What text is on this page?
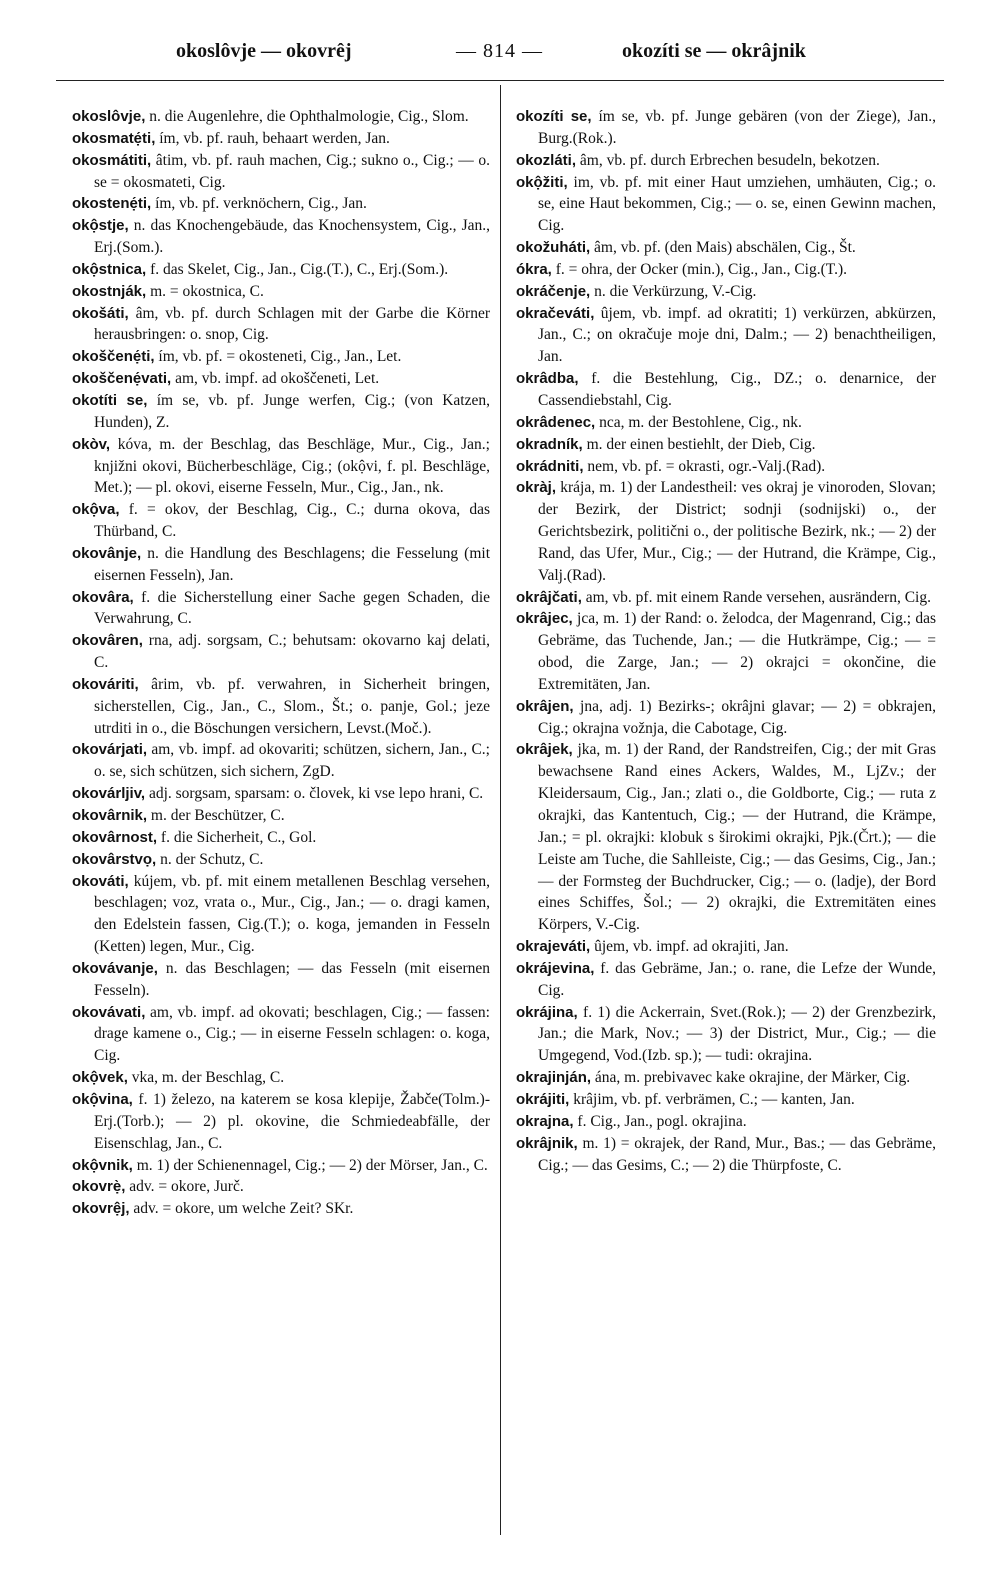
okoslôvje — okovrêj	— 814 —	okozíti se — okrâjnik

okoslôvje, n. die Augenlehre, die Ophthalmologie, Cig., Slom.

okosmatẹ́ti, ím, vb. pf. rauh, behaart werden, Jan.

okosmátiti, âtim, vb. pf. rauh machen, Cig.; sukno o., Cig.; — o. se = okosmateti, Cig.

okostenẹ́ti, ím, vb. pf. verknöchern, Cig., Jan.

okộstje, n. das Knochengebäude, das Knochensystem, Cig., Jan., Erj.(Som.).

okộstnica, f. das Skelet, Cig., Jan., Cig.(T.), C., Erj.(Som.).

okostnják, m. = okostnica, C.

okošáti, âm, vb. pf. durch Schlagen mit der Garbe die Körner herausbringen: o. snop, Cig.

okoščenẹ́ti, ím, vb. pf. = okosteneti, Cig., Jan., Let.

okoščenẹ́vati, am, vb. impf. ad okoščeneti, Let.

okotíti se, ím se, vb. pf. Junge werfen, Cig.; (von Katzen, Hunden), Z.

okòv, kóva, m. der Beschlag, das Beschläge, Mur., Cig., Jan.; knjižni okovi, Bücherbeschläge, Cig.; (okộvi, f. pl. Beschläge, Met.); — pl. okovi, eiserne Fesseln, Mur., Cig., Jan., nk.

okộva, f. = okov, der Beschlag, Cig., C.; durna okova, das Thürband, C.

okovânje, n. die Handlung des Beschlagens; die Fesselung (mit eisernen Fesseln), Jan.

okovâra, f. die Sicherstellung einer Sache gegen Schaden, die Verwahrung, C.

okovâren, rna, adj. sorgsam, C.; behutsam: okovarno kaj delati, C.

okováriti, ârim, vb. pf. verwahren, in Sicherheit bringen, sicherstellen, Cig., Jan., C., Slom., Št.; o. panje, Gol.; jeze utrditi in o., die Böschungen versichern, Levst.(Moč.).

okovárjati, am, vb. impf. ad okovariti; schützen, sichern, Jan., C.; o. se, sich schützen, sich sichern, ZgD.

okovárljiv, adj. sorgsam, sparsam: o. človek, ki vse lepo hrani, C.

okovârnik, m. der Beschützer, C.

okovârnost, f. die Sicherheit, C., Gol.

okovârstvọ, n. der Schutz, C.

okováti, kújem, vb. pf. mit einem metallenen Beschlag versehen, beschlagen; voz, vrata o., Mur., Cig., Jan.; — o. dragi kamen, den Edelstein fassen, Cig.(T.); o. koga, jemanden in Fesseln (Ketten) legen, Mur., Cig.

okovávanje, n. das Beschlagen; — das Fesseln (mit eisernen Fesseln).

okovávati, am, vb. impf. ad okovati; beschlagen, Cig.; — fassen: drage kamene o., Cig.; — in eiserne Fesseln schlagen: o. koga, Cig.

okộvek, vka, m. der Beschlag, C.

okộvina, f. 1) železo, na katerem se kosa klepije, Žabče(Tolm.)-Erj.(Torb.); — 2) pl. okovine, die Schmiedeabfälle, der Eisenschlag, Jan., C.

okộvnik, m. 1) der Schienennagel, Cig.; — 2) der Mörser, Jan., C.

okovrẹ̀, adv. = okore, Jurč.

okovrệj, adv. = okore, um welche Zeit? SKr.

okozíti se, ím se, vb. pf. Junge gebären (von der Ziege), Jan., Burg.(Rok.).

okozláti, âm, vb. pf. durch Erbrechen besudeln, bekotzen.

okộžiti, im, vb. pf. mit einer Haut umziehen, umhäuten, Cig.; o. se, eine Haut bekommen, Cig.; — o. se, einen Gewinn machen, Cig.

okožuháti, âm, vb. pf. (den Mais) abschälen, Cig., Št.

ókra, f. = ohra, der Ocker (min.), Cig., Jan., Cig.(T.).

okráčenje, n. die Verkürzung, V.-Cig.

okračeváti, ûjem, vb. impf. ad okratiti; 1) verkürzen, abkürzen, Jan., C.; on okračuje moje dni, Dalm.; — 2) benachtheiligen, Jan.

okrâdba, f. die Bestehlung, Cig., DZ.; o. denarnice, der Cassendiebstahl, Cig.

okrâdenec, nca, m. der Bestohlene, Cig., nk.

okradník, m. der einen bestiehlt, der Dieb, Cig.

okrádniti, nem, vb. pf. = okrasti, ogr.-Valj.(Rad).

okràj, krája, m. 1) der Landestheil: ves okraj je vinoroden, Slovan; der Bezirk, der District; sodnji (sodnijski) o., der Gerichtsbezirk, politični o., der politische Bezirk, nk.; — 2) der Rand, das Ufer, Mur., Cig.; — der Hutrand, die Krämpe, Cig., Valj.(Rad).

okrâjčati, am, vb. pf. mit einem Rande versehen, ausrändern, Cig.

okrâjec, jca, m. 1) der Rand: o. želodca, der Magenrand, Cig.; das Gebräme, das Tuchende, Jan.; — die Hutkrämpe, Cig.; — = obod, die Zarge, Jan.; — 2) okrajci = okončine, die Extremitäten, Jan.

okrâjen, jna, adj. 1) Bezirks-; okrâjni glavar; — 2) = obkrajen, Cig.; okrajna vožnja, die Cabotage, Cig.

okrâjek, jka, m. 1) der Rand, der Randstreifen, Cig.; der mit Gras bewachsene Rand eines Ackers, Waldes, M., LjZv.; der Kleidersaum, Cig., Jan.; zlati o., die Goldborte, Cig.; — ruta z okrajki, das Kantentuch, Cig.; — der Hutrand, die Krämpe, Jan.; = pl. okrajki: klobuk s širokimi okrajki, Pjk.(Črt.); — die Leiste am Tuche, die Sahlleiste, Cig.; — das Gesims, Cig., Jan.; — der Formsteg der Buchdrucker, Cig.; — o. (ladje), der Bord eines Schiffes, Šol.; — 2) okrajki, die Extremitäten eines Körpers, V.-Cig.

okrajeváti, ûjem, vb. impf. ad okrajiti, Jan.

okrájevina, f. das Gebräme, Jan.; o. rane, die Lefze der Wunde, Cig.

okrájina, f. 1) die Ackerrain, Svet.(Rok.); — 2) der Grenzbezirk, Jan.; die Mark, Nov.; — 3) der District, Mur., Cig.; — die Umgegend, Vod.(Izb. sp.); — tudi: okrajina.

okrajinján, ána, m. prebivavec kake okrajine, der Märker, Cig.

okrájiti, krâjim, vb. pf. verbrämen, C.; — kanten, Jan.

okrajna, f. Cig., Jan., pogl. okrajina.

okrâjnik, m. 1) = okrajek, der Rand, Mur., Bas.; — das Gebräme, Cig.; — das Gesims, C.; — 2) die Thürpfoste, C.
